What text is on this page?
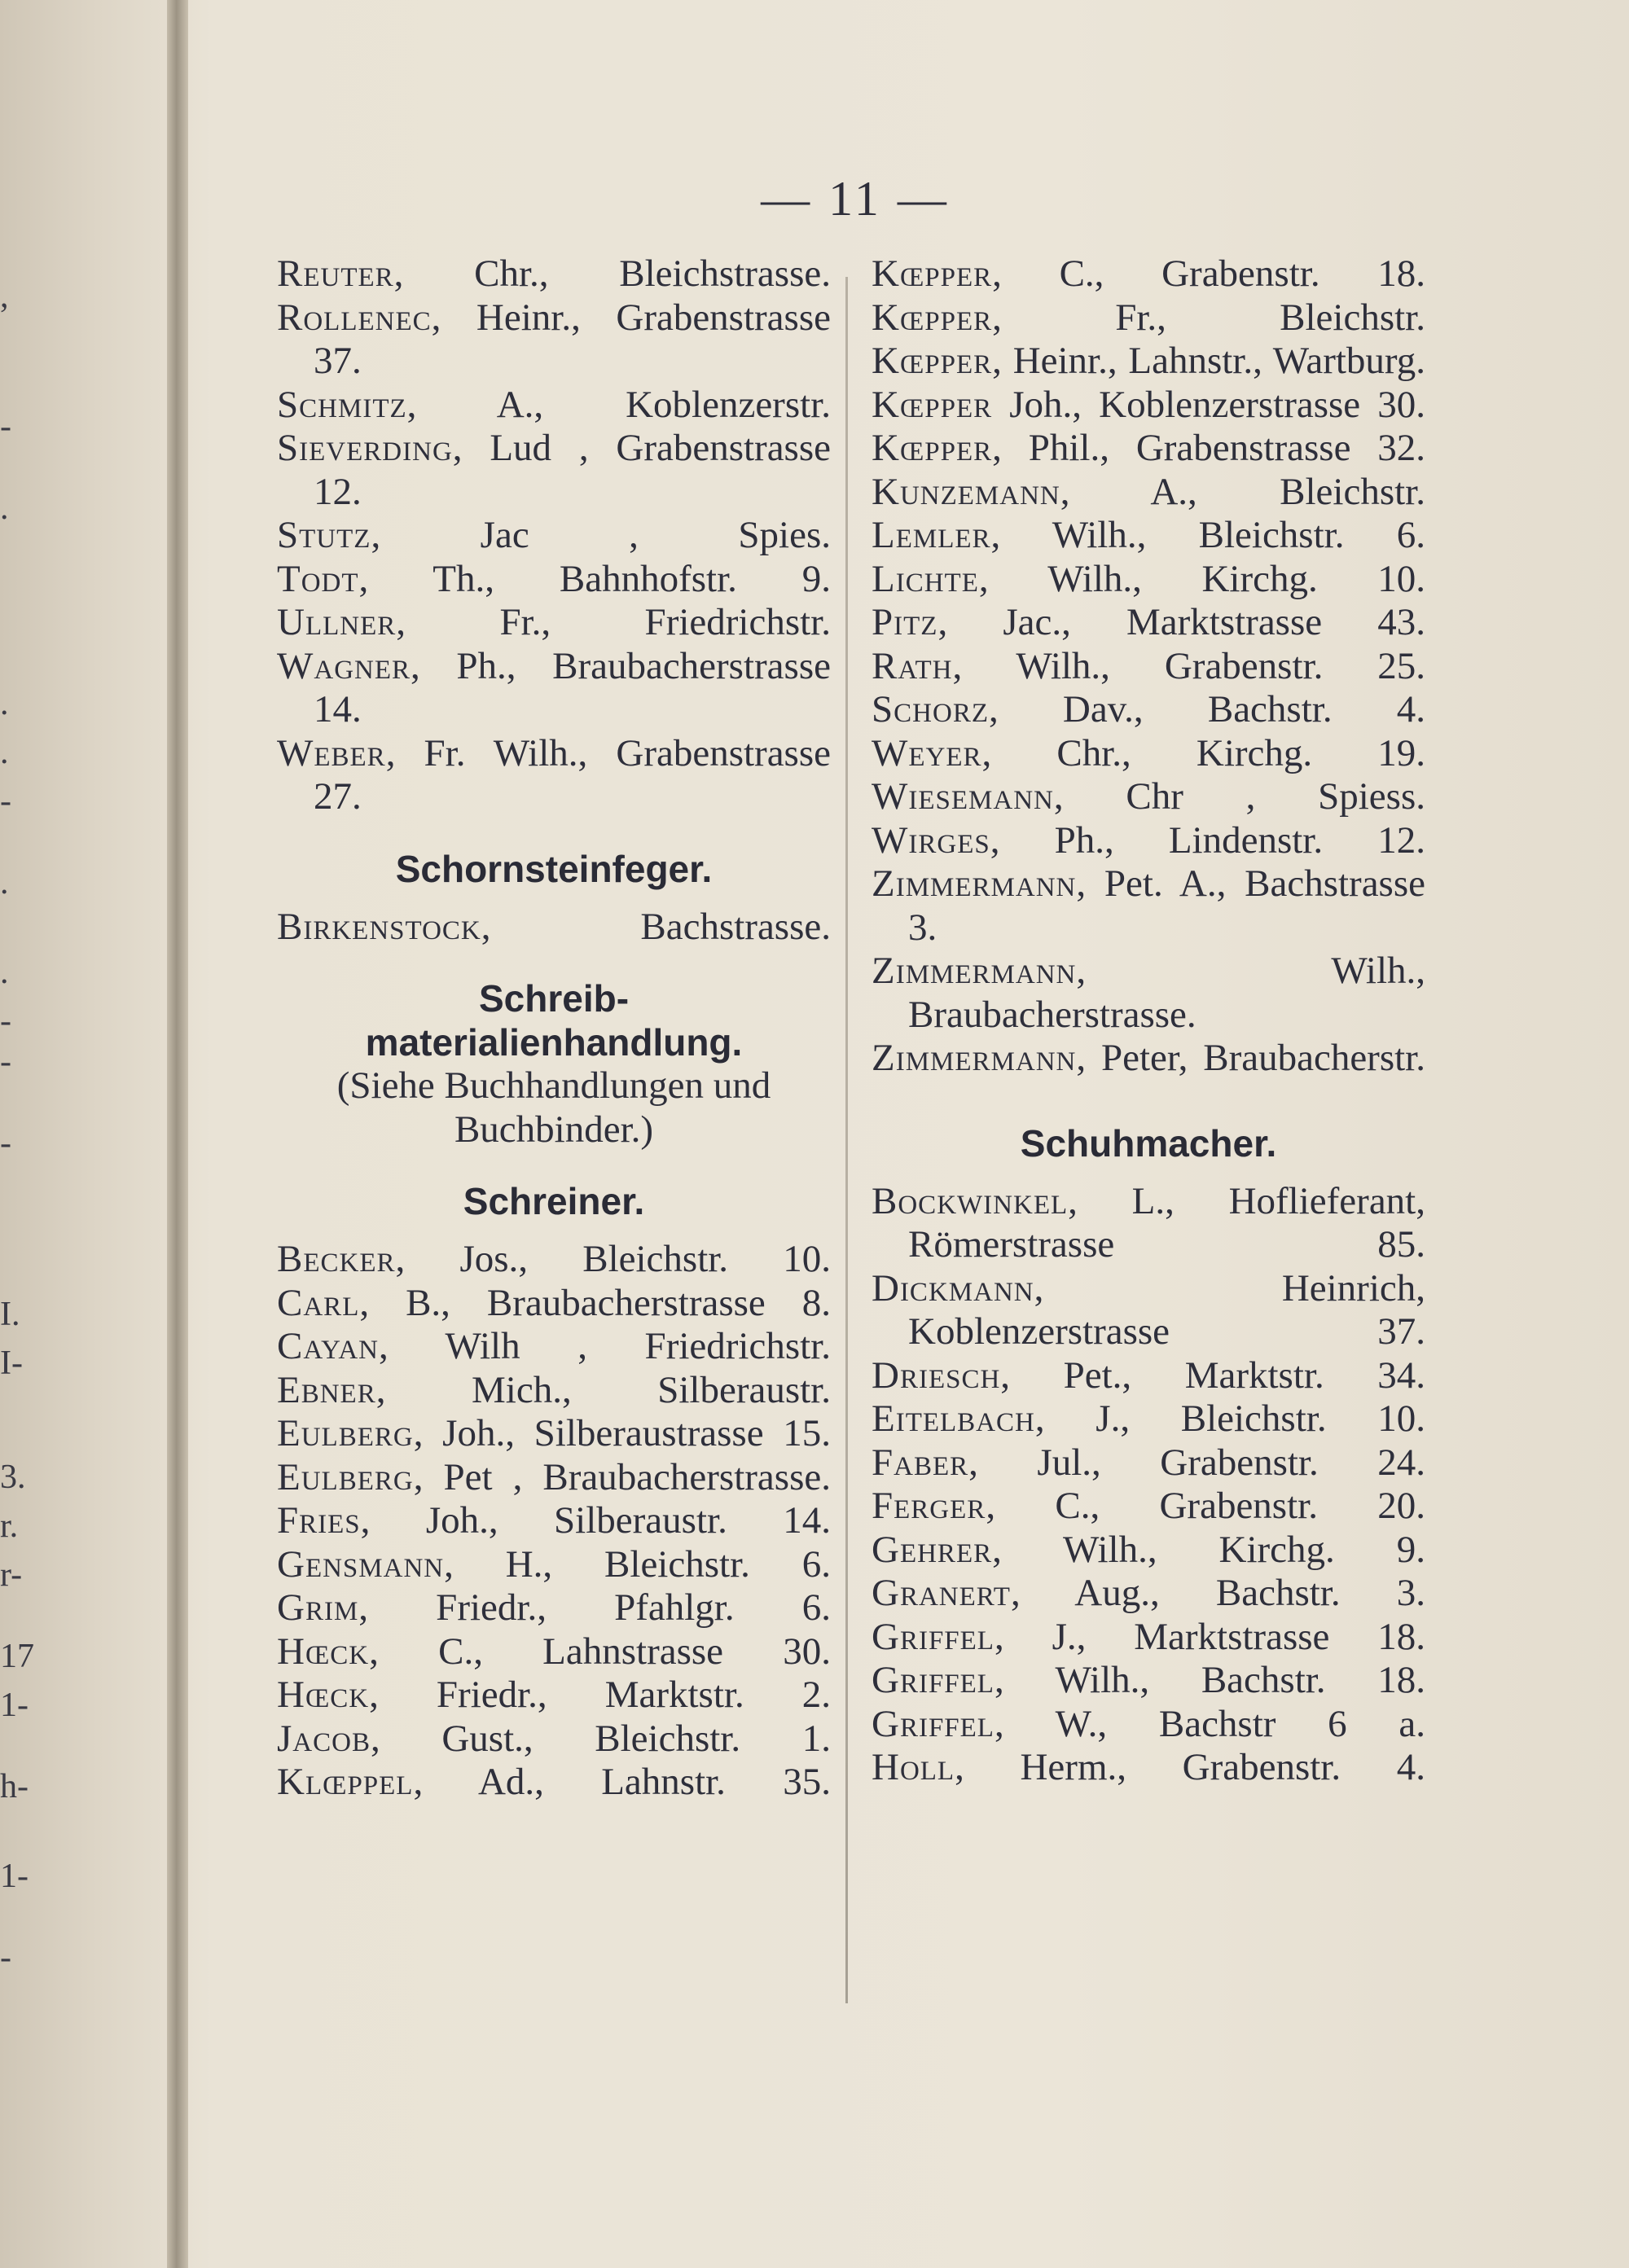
,
-
.
.
.
-
.
.
-
-
-
I.
I-
3.
r.
r-
17
1-
h-
1-
-
— 11 —

Reuter, Chr., Bleichstrasse.

Rollenec, Heinr., Grabenstrasse 37.

Schmitz, A., Koblenzerstr.

Sieverding, Lud , Grabenstrasse 12.

Stutz, Jac , Spies.

Todt, Th., Bahnhofstr. 9.

Ullner, Fr., Friedrichstr.

Wagner, Ph., Braubacherstrasse 14.

Weber, Fr. Wilh., Grabenstrasse 27.

Schornsteinfeger.

Birkenstock, Bachstrasse.

Schreib-
materialienhandlung.
(Siehe Buchhandlungen und
Buchbinder.)
Schreiner.

Becker, Jos., Bleichstr. 10.

Carl, B., Braubacherstrasse 8.

Cayan, Wilh , Friedrichstr.

Ebner, Mich., Silberaustr.

Eulberg, Joh., Silberaustrasse 15.

Eulberg, Pet , Braubacherstrasse.

Fries, Joh., Silberaustr. 14.

Gensmann, H., Bleichstr. 6.

Grim, Friedr., Pfahlgr. 6.

Hœck, C., Lahnstrasse 30.

Hœck, Friedr., Marktstr. 2.

Jacob, Gust., Bleichstr. 1.

Klœppel, Ad., Lahnstr. 35.

Kœpper, C., Grabenstr. 18.

Kœpper, Fr., Bleichstr.

Kœpper, Heinr., Lahnstr., Wartburg.

Kœpper Joh., Koblenzerstrasse 30.

Kœpper, Phil., Grabenstrasse 32.

Kunzemann, A., Bleichstr.

Lemler, Wilh., Bleichstr. 6.

Lichte, Wilh., Kirchg. 10.

Pitz, Jac., Marktstrasse 43.

Rath, Wilh., Grabenstr. 25.

Schorz, Dav., Bachstr. 4.

Weyer, Chr., Kirchg. 19.

Wiesemann, Chr , Spiess.

Wirges, Ph., Lindenstr. 12.

Zimmermann, Pet. A., Bachstrasse 3.

Zimmermann, Wilh., Braubacherstrasse.

Zimmermann, Peter, Braubacherstr.

Schuhmacher.

Bockwinkel, L., Hoflieferant, Römerstrasse 85.

Dickmann, Heinrich, Koblenzerstrasse 37.

Driesch, Pet., Marktstr. 34.

Eitelbach, J., Bleichstr. 10.

Faber, Jul., Grabenstr. 24.

Ferger, C., Grabenstr. 20.

Gehrer, Wilh., Kirchg. 9.

Granert, Aug., Bachstr. 3.

Griffel, J., Marktstrasse 18.

Griffel, Wilh., Bachstr. 18.

Griffel, W., Bachstr 6 a.

Holl, Herm., Grabenstr. 4.
